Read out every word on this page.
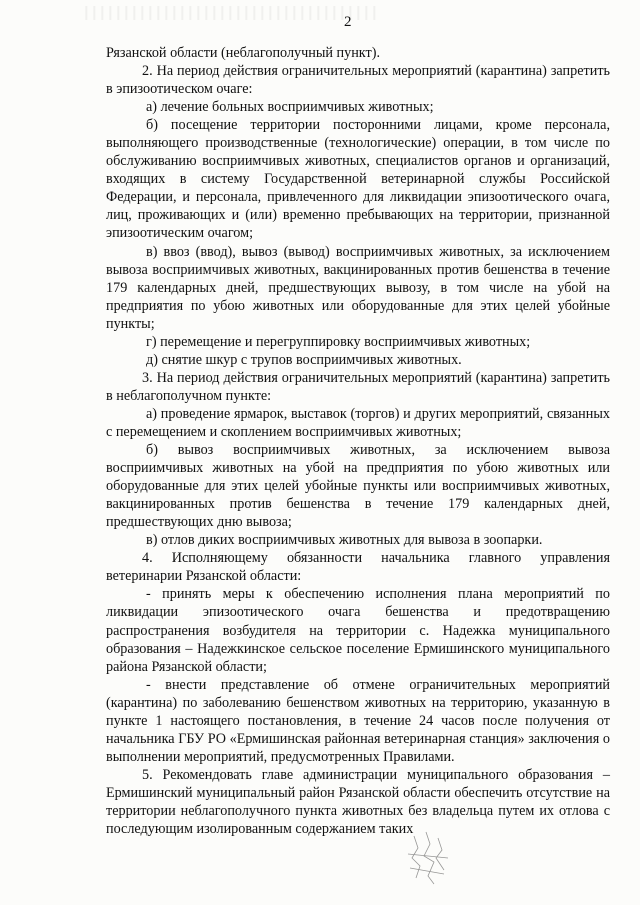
2

Рязанской области (неблагополучный пункт).

2. На период действия ограничительных мероприятий (карантина) запретить в эпизоотическом очаге:

а) лечение больных восприимчивых животных;

б) посещение территории посторонними лицами, кроме персонала, выполняющего производственные (технологические) операции, в том числе по обслуживанию восприимчивых животных, специалистов органов и организаций, входящих в систему Государственной ветеринарной службы Российской Федерации, и персонала, привлеченного для ликвидации эпизоотического очага, лиц, проживающих и (или) временно пребывающих на территории, признанной эпизоотическим очагом;

в) ввоз (ввод), вывоз (вывод) восприимчивых животных, за исключением вывоза восприимчивых животных, вакцинированных против бешенства в течение 179 календарных дней, предшествующих вывозу, в том числе на убой на предприятия по убою животных или оборудованные для этих целей убойные пункты;

г) перемещение и перегруппировку восприимчивых животных;

д) снятие шкур с трупов восприимчивых животных.

3. На период действия ограничительных мероприятий (карантина) запретить в неблагополучном пункте:

а) проведение ярмарок, выставок (торгов) и других мероприятий, связанных с перемещением и скоплением восприимчивых животных;

б) вывоз восприимчивых животных, за исключением вывоза восприимчивых животных на убой на предприятия по убою животных или оборудованные для этих целей убойные пункты или восприимчивых животных, вакцинированных против бешенства в течение 179 календарных дней, предшествующих дню вывоза;

в) отлов диких восприимчивых животных для вывоза в зоопарки.

4. Исполняющему обязанности начальника главного управления ветеринарии Рязанской области:

- принять меры к обеспечению исполнения плана мероприятий по ликвидации эпизоотического очага бешенства и предотвращению распространения возбудителя на территории с. Надежка муниципального образования – Надежкинское сельское поселение Ермишинского муниципального района Рязанской области;

- внести представление об отмене ограничительных мероприятий (карантина) по заболеванию бешенством животных на территорию, указанную в пункте 1 настоящего постановления, в течение 24 часов после получения от начальника ГБУ РО «Ермишинская районная ветеринарная станция» заключения о выполнении мероприятий, предусмотренных Правилами.

5. Рекомендовать главе администрации муниципального образования – Ермишинский муниципальный район Рязанской области обеспечить отсутствие на территории неблагополучного пункта животных без владельца путем их отлова с последующим изолированным содержанием таких
